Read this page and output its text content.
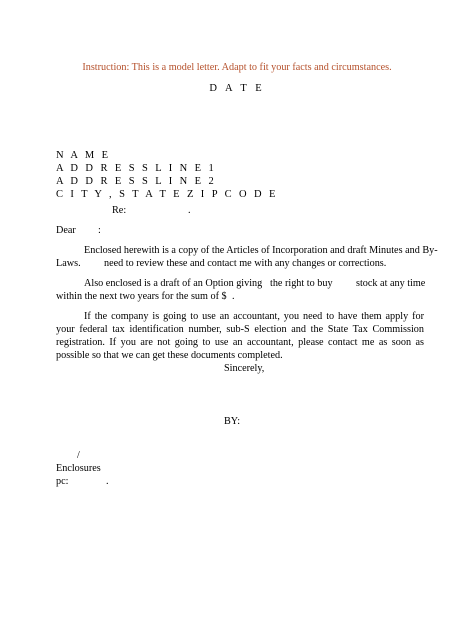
Instruction: This is a model letter. Adapt to fit your facts and circumstances.
D A T E
N A M E
A D D R E S S L I N E 1
A D D R E S S L I N E 2
C I T Y , S T A T E Z I P C O D E
Re:	.
Dear :
Enclosed herewith is a copy of the Articles of Incorporation and draft Minutes and By-
Laws. need to review these and contact me with any changes or corrections.
Also enclosed is a draft of an Option giving the right to buy stock at any time
within the next two years for the sum of $ .
If the company is going to use an accountant, you need to have them apply for your federal tax identification number, sub-S election and the State Tax Commission registration. If you are not going to use an accountant, please contact me as soon as possible so that we can get these documents completed.
Sincerely,
BY:
/
Enclosures
pc:	.
